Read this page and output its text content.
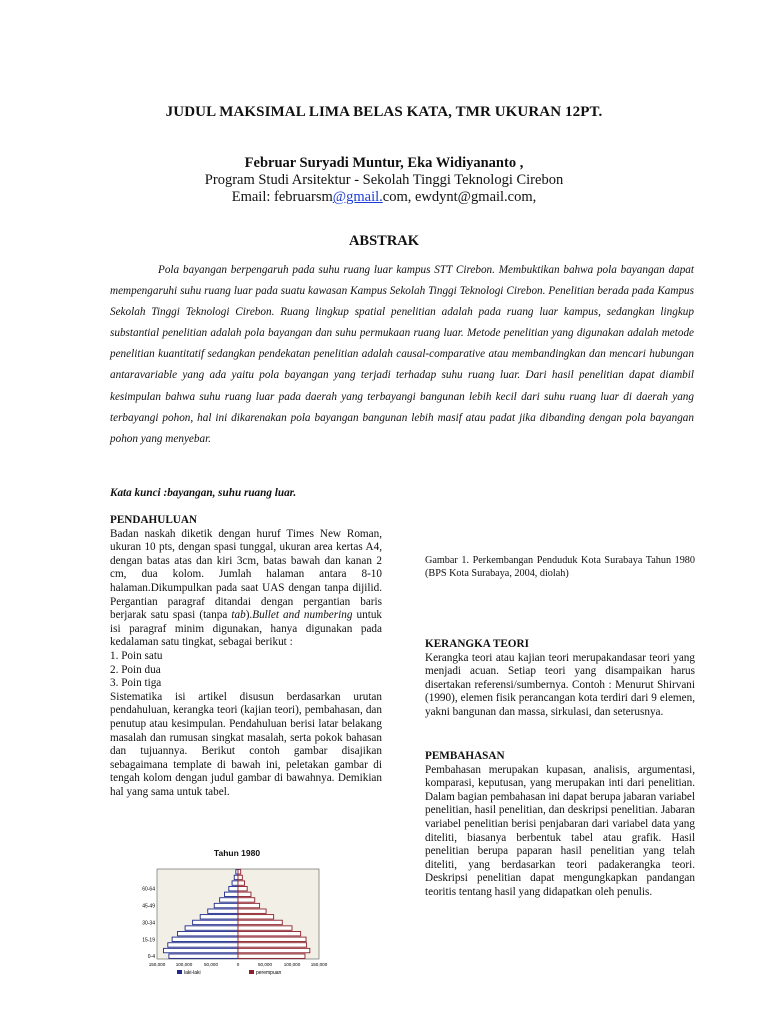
JUDUL MAKSIMAL LIMA BELAS KATA, TMR UKURAN 12PT.
Februar Suryadi Muntur, Eka Widiyananto ,
Program Studi Arsitektur - Sekolah Tinggi Teknologi Cirebon
Email: februarsm@gmail.com, ewdynt@gmail.com,
ABSTRAK

Pola bayangan berpengaruh pada suhu ruang luar kampus STT Cirebon. Membuktikan bahwa pola bayangan dapat mempengaruhi suhu ruang luar pada suatu kawasan Kampus Sekolah Tinggi Teknologi Cirebon. Penelitian berada pada Kampus Sekolah Tinggi Teknologi Cirebon. Ruang lingkup spatial penelitian adalah pada ruang luar kampus, sedangkan lingkup substantial penelitian adalah pola bayangan dan suhu permukaan ruang luar. Metode penelitian yang digunakan adalah metode penelitian kuantitatif sedangkan pendekatan penelitian adalah causal-comparative atau membandingkan dan mencari hubungan antaravariable yang ada yaitu pola bayangan yang terjadi terhadap suhu ruang luar. Dari hasil penelitian dapat diambil kesimpulan bahwa suhu ruang luar pada daerah yang terbayangi bangunan lebih kecil dari suhu ruang luar di daerah yang terbayangi pohon, hal ini dikarenakan pola bayangan bangunan lebih masif atau padat jika dibanding dengan pola bayangan pohon yang menyebar.

Kata kunci :bayangan, suhu ruang luar.
PENDAHULUAN
Badan naskah diketik dengan huruf Times New Roman, ukuran 10 pts, dengan spasi tunggal, ukuran area kertas A4, dengan batas atas dan kiri 3cm, batas bawah dan kanan 2 cm, dua kolom. Jumlah halaman antara 8-10 halaman.Dikumpulkan pada saat UAS dengan tanpa dijilid. Pergantian paragraf ditandai dengan pergantian baris berjarak satu spasi (tanpa tab).Bullet and numbering untuk isi paragraf minim digunakan, hanya digunakan pada kedalaman satu tingkat, sebagai berikut :
1. Poin satu
2. Poin dua
3. Poin tiga
Sistematika isi artikel disusun berdasarkan urutan pendahuluan, kerangka teori (kajian teori), pembahasan, dan penutup atau kesimpulan. Pendahuluan berisi latar belakang masalah dan rumusan singkat masalah, serta pokok bahasan dan tujuannya. Berikut contoh gambar disajikan sebagaimana template di bawah ini, peletakan gambar di tengah kolom dengan judul gambar di bawahnya. Demikian hal yang sama untuk tabel.
Gambar 1. Perkembangan Penduduk Kota Surabaya Tahun 1980 (BPS Kota Surabaya, 2004, diolah)
KERANGKA TEORI
Kerangka teori atau kajian teori merupakandasar teori yang menjadi acuan. Setiap teori yang disampaikan harus disertakan referensi/sumbernya. Contoh : Menurut Shirvani (1990), elemen fisik perancangan kota terdiri dari 9 elemen, yakni bangunan dan massa, sirkulasi, dan seterusnya.
PEMBAHASAN
Pembahasan merupakan kupasan, analisis, argumentasi, komparasi, keputusan, yang merupakan inti dari penelitian. Dalam bagian pembahasan ini dapat berupa jabaran variabel penelitian, hasil penelitian, dan deskripsi penelitian. Jabaran variabel penelitian berisi penjabaran dari variabel data yang diteliti, biasanya berbentuk tabel atau grafik. Hasil penelitian berupa paparan hasil penelitian yang telah diteliti, yang berdasarkan teori padakerangka teori. Deskripsi penelitian dapat mengungkapkan pandangan teoritis tentang hasil yang didapatkan oleh penulis.
Tahun 1980
0-4
15-19
30-34
45-49
60-64
150,000 100,000	50,000	0	50,000	100,000 150,000
laki-laki	perempuan
